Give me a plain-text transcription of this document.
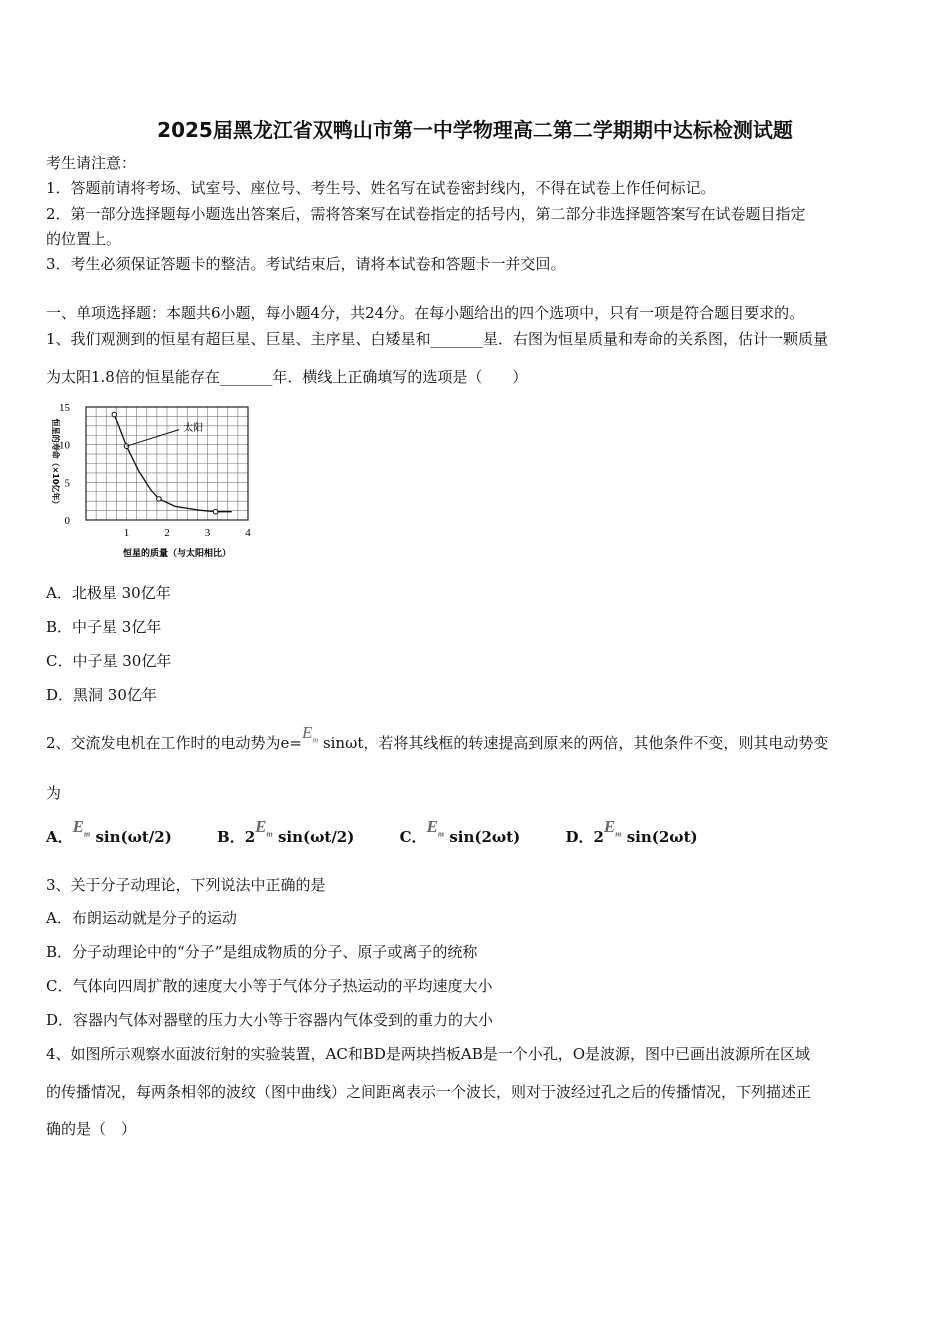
2025届黑龙江省双鸭山市第一中学物理高二第二学期期中达标检测试题
考生请注意：
1．答题前请将考场、试室号、座位号、考生号、姓名写在试卷密封线内，不得在试卷上作任何标记。
2．第一部分选择题每小题选出答案后，需将答案写在试卷指定的括号内，第二部分非选择题答案写在试卷题目指定
的位置上。
3．考生必须保证答题卡的整洁。考试结束后，请将本试卷和答题卡一并交回。
一、单项选择题：本题共6小题，每小题4分，共24分。在每小题给出的四个选项中，只有一项是符合题目要求的。
1、我们观测到的恒星有超巨星、巨星、主序星、白矮星和_______星．右图为恒星质量和寿命的关系图，估计一颗质量
为太阳1.8倍的恒星能存在_______年．横线上正确填写的选项是（　　）
1	2	3	4
0
5
10
15
恒星的质量（与太阳相比）
恒星的寿命（×10亿年）	太阳
A．北极星 30亿年
B．中子星 3亿年
C．中子星 30亿年
D．黑洞 30亿年
2、交流发电机在工作时的电动势为$e=E_m$ sinωt，若将其线框的转速提高到原来的两倍，其他条件不变，则其电动势变
为
A．$E_m$ sin(ωt/2)	B．$2E_m$ sin(ωt/2)	C．$E_m$ sin(2ωt)	D．$2E_m$ sin(2ωt)
3、关于分子动理论，下列说法中正确的是
A．布朗运动就是分子的运动
B．分子动理论中的“分子”是组成物质的分子、原子或离子的统称
C．气体向四周扩散的速度大小等于气体分子热运动的平均速度大小
D．容器内气体对器壁的压力大小等于容器内气体受到的重力的大小
4、如图所示观察水面波衍射的实验装置，AC和BD是两块挡板AB是一个小孔，O是波源，图中已画出波源所在区域
的传播情况，每两条相邻的波纹（图中曲线）之间距离表示一个波长，则对于波经过孔之后的传播情况，下列描述正
确的是（　）
